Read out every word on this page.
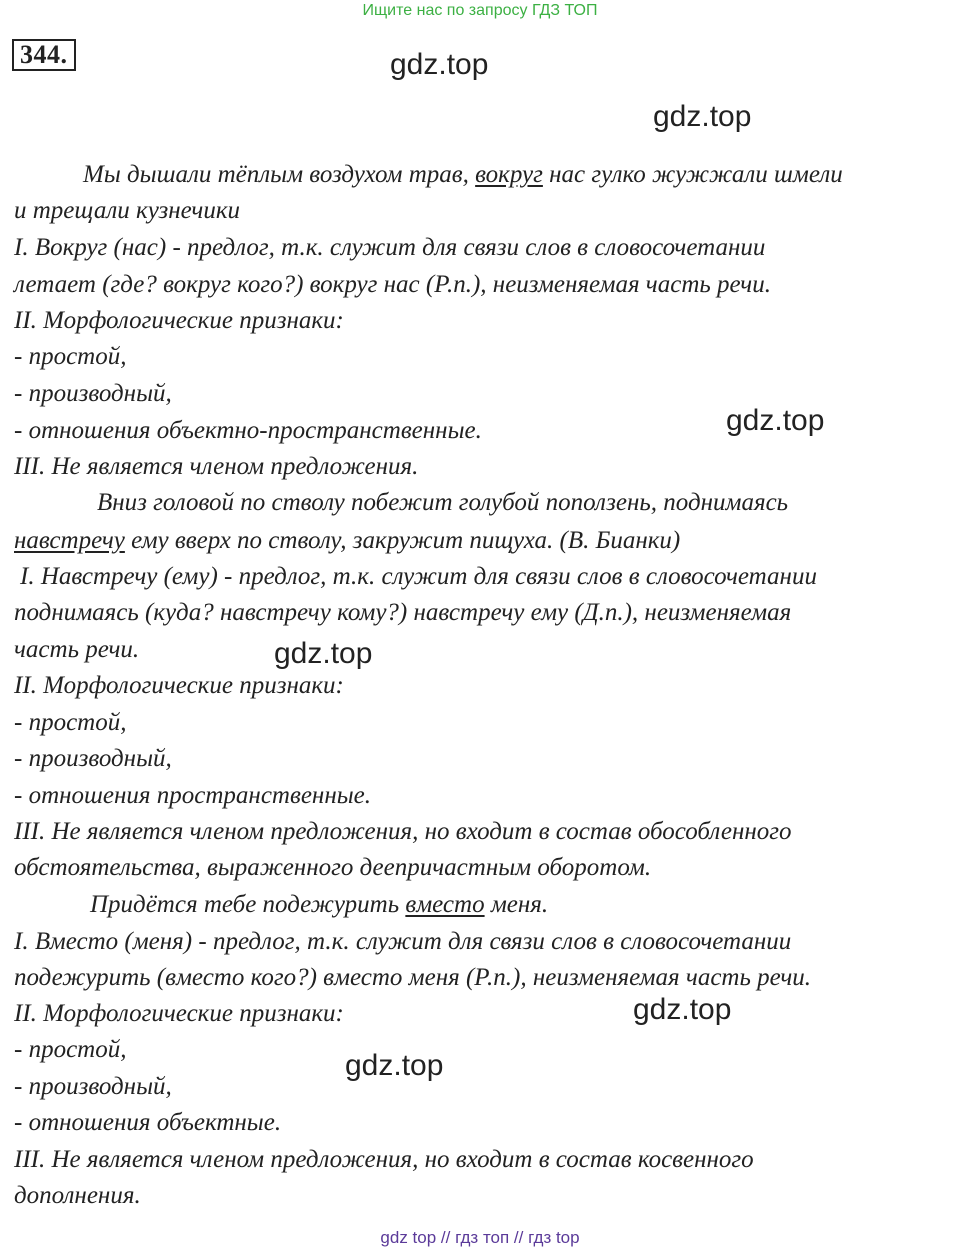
Ищите нас по запросу ГДЗ ТОП
344.	gdz.top
gdz.top
gdz.top
gdz.top
gdz.top
gdz.top
Мы дышали тёплым воздухом трав, вокруг нас гулко жужжали шмели
и трещали кузнечики
I. Вокруг (нас) - предлог, т.к. служит для связи слов в словосочетании
летает (где? вокруг кого?) вокруг нас (Р.п.), неизменяемая часть речи.
II. Морфологические признаки:
- простой,
- производный,
- отношения объектно-пространственные.
III. Не является членом предложения.
Вниз головой по стволу побежит голубой поползень, поднимаясь
навстречу ему вверх по стволу, закружит пищуха. (В. Бианки)
I. Навстречу (ему) - предлог, т.к. служит для связи слов в словосочетании
поднимаясь (куда? навстречу кому?) навстречу ему (Д.п.), неизменяемая
часть речи.
II. Морфологические признаки:
- простой,
- производный,
- отношения пространственные.
III. Не является членом предложения, но входит в состав обособленного
обстоятельства, выраженного деепричастным оборотом.
Придётся тебе подежурить вместо меня.
I. Вместо (меня) - предлог, т.к. служит для связи слов в словосочетании
подежурить (вместо кого?) вместо меня (Р.п.), неизменяемая часть речи.
II. Морфологические признаки:
- простой,
- производный,
- отношения объектные.
III. Не является членом предложения, но входит в состав косвенного
дополнения.
gdz top // гдз топ // гдз top
